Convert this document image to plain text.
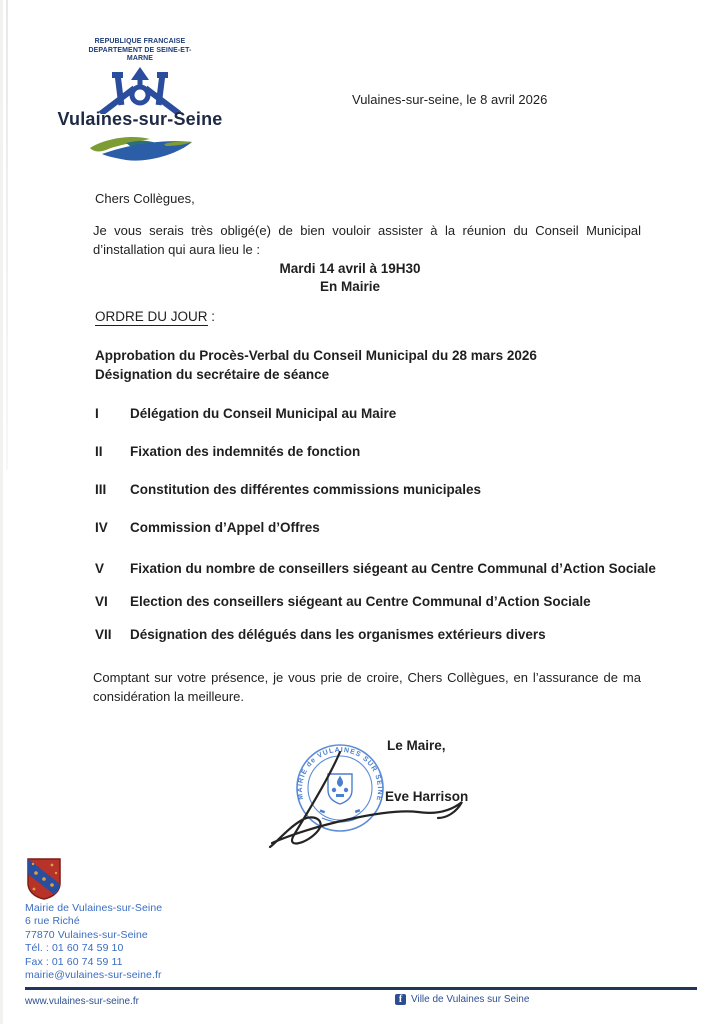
REPUBLIQUE FRANCAISE
DEPARTEMENT DE SEINE-ET-
MARNE
Vulaines-sur-Seine
Vulaines-sur-seine, le 8 avril 2026
Chers Collègues,
Je vous serais très obligé(e) de bien vouloir assister à la réunion du Conseil Municipal d’installation qui aura lieu le :
Mardi 14 avril à 19H30
En Mairie
ORDRE DU JOUR :
Approbation du Procès-Verbal du Conseil Municipal du 28 mars 2026
Désignation du secrétaire de séance
I Délégation du Conseil Municipal au Maire
II Fixation des indemnités de fonction
III Constitution des différentes commissions municipales
IV Commission d’Appel d’Offres
V Fixation du nombre de conseillers siégeant au Centre Communal d’Action Sociale
VI Election des conseillers siégeant au Centre Communal d’Action Sociale
VII Désignation des délégués dans les organismes extérieurs divers
Comptant sur votre présence, je vous prie de croire, Chers Collègues, en l’assurance de ma considération la meilleure.
Le Maire,
MAIRIE de VULAINES SUR SEINE Eve Harrison
Mairie de Vulaines-sur-Seine
6 rue Riché
77870 Vulaines-sur-Seine
Tél. : 01 60 74 59 10
Fax : 01 60 74 59 11
mairie@vulaines-sur-seine.fr
www.vulaines-sur-seine.fr	f Ville de Vulaines sur Seine
